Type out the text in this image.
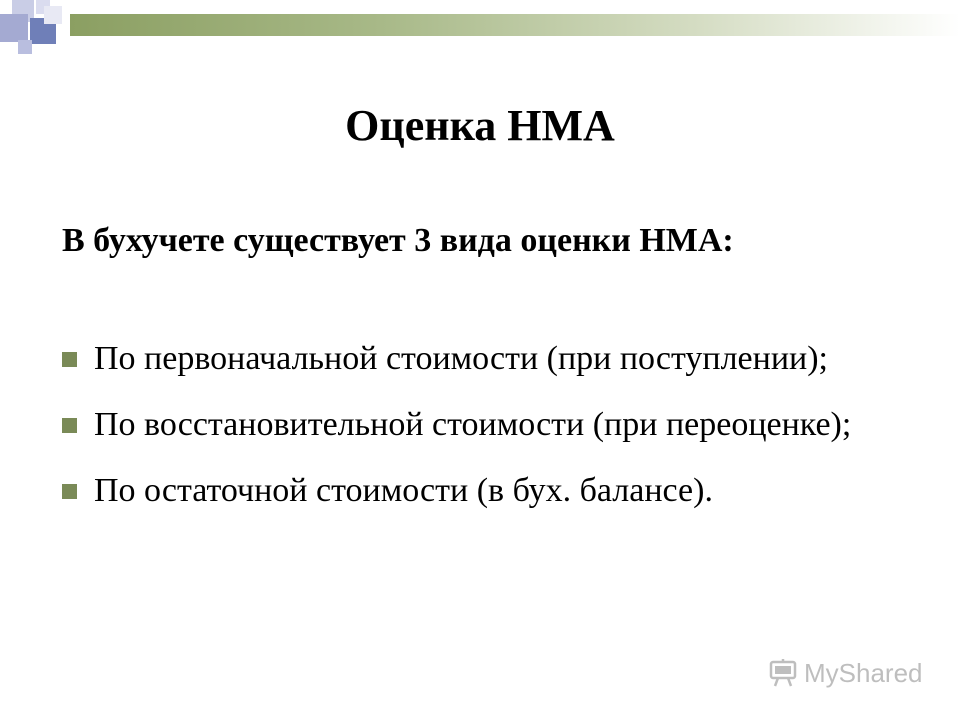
Оценка НМА

В бухучете существует 3 вида оценки НМА:

По первоначальной стоимости (при поступлении);
По восстановительной стоимости (при переоценке);
По остаточной стоимости (в бух. балансе).
MyShared
